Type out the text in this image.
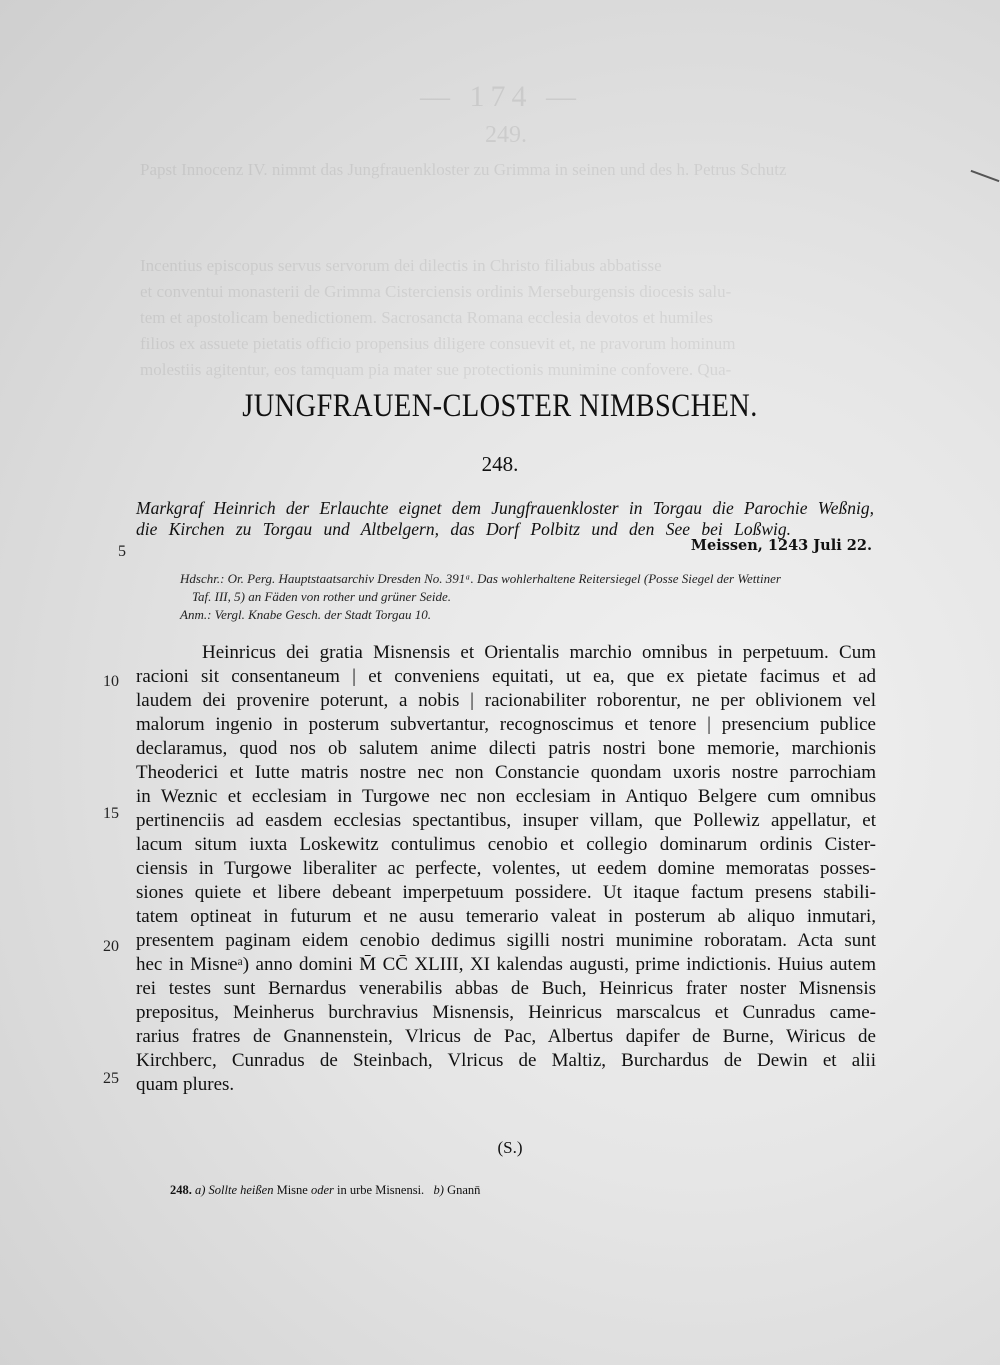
— 174 —
249.
Papst Innocenz IV. nimmt das Jungfrauenkloster zu Grimma in seinen und des h. Petrus Schutz
Incentius episcopus servus servorum dei dilectis in Christo filiabus abbatisse
et conventui monasterii de Grimma Cisterciensis ordinis Merseburgensis diocesis salu-
tem et apostolicam benedictionem. Sacrosancta Romana ecclesia devotos et humiles
filios ex assuete pietatis officio propensius diligere consuevit et, ne pravorum hominum
molestiis agitentur, eos tamquam pia mater sue protectionis munimine confovere. Qua-
JUNGFRAUEN-CLOSTER NIMBSCHEN.
248.
Markgraf Heinrich der Erlauchte eignet dem Jungfrauenkloster in Torgau die Parochie Weßnig,
die Kirchen zu Torgau und Altbelgern, das Dorf Polbitz und den See bei Loßwig.
5	Meissen, 1243 Juli 22.
Hdschr.: Or. Perg. Hauptstaatsarchiv Dresden No. 391ᵃ. Das wohlerhaltene Reitersiegel (Posse Siegel der Wettiner
Taf. III, 5) an Fäden von rother und grüner Seide.
Anm.: Vergl. Knabe Gesch. der Stadt Torgau 10.
10
15
20
25
Heinricus dei gratia Misnensis et Orientalis marchio omnibus in perpetuum. Cum
racioni sit consentaneum | et conveniens equitati, ut ea, que ex pietate facimus et ad
laudem dei provenire poterunt, a nobis | racionabiliter roborentur, ne per oblivionem vel
malorum ingenio in posterum subvertantur, recognoscimus et tenore | presencium publice
declaramus, quod nos ob salutem anime dilecti patris nostri bone memorie, marchionis
Theoderici et Iutte matris nostre nec non Constancie quondam uxoris nostre parrochiam
in Weznic et ecclesiam in Turgowe nec non ecclesiam in Antiquo Belgere cum omnibus
pertinenciis ad easdem ecclesias spectantibus, insuper villam, que Pollewiz appellatur, et
lacum situm iuxta Loskewitz contulimus cenobio et collegio dominarum ordinis Cister-
ciensis in Turgowe liberaliter ac perfecte, volentes, ut eedem domine memoratas posses-
siones quiete et libere debeant imperpetuum possidere. Ut itaque factum presens stabili-
tatem optineat in futurum et ne ausu temerario valeat in posterum ab aliquo inmutari,
presentem paginam eidem cenobio dedimus sigilli nostri munimine roboratam. Acta sunt
hec in Misneᵃ) anno domini M̄ CC̄ XLIII, XI kalendas augusti, prime indictionis. Huius autem
rei testes sunt Bernardus venerabilis abbas de Buch, Heinricus frater noster Misnensis
prepositus, Meinherus burchravius Misnensis, Heinricus marscalcus et Cunradus came-
rarius fratres de Gnannenstein, Vlricus de Pac, Albertus dapifer de Burne, Wiricus de
Kirchberc, Cunradus de Steinbach, Vlricus de Maltiz, Burchardus de Dewin et alii
quam plures.
(S.)
248. a) Sollte heißen Misne oder in urbe Misnensi. b) Gnann̄
